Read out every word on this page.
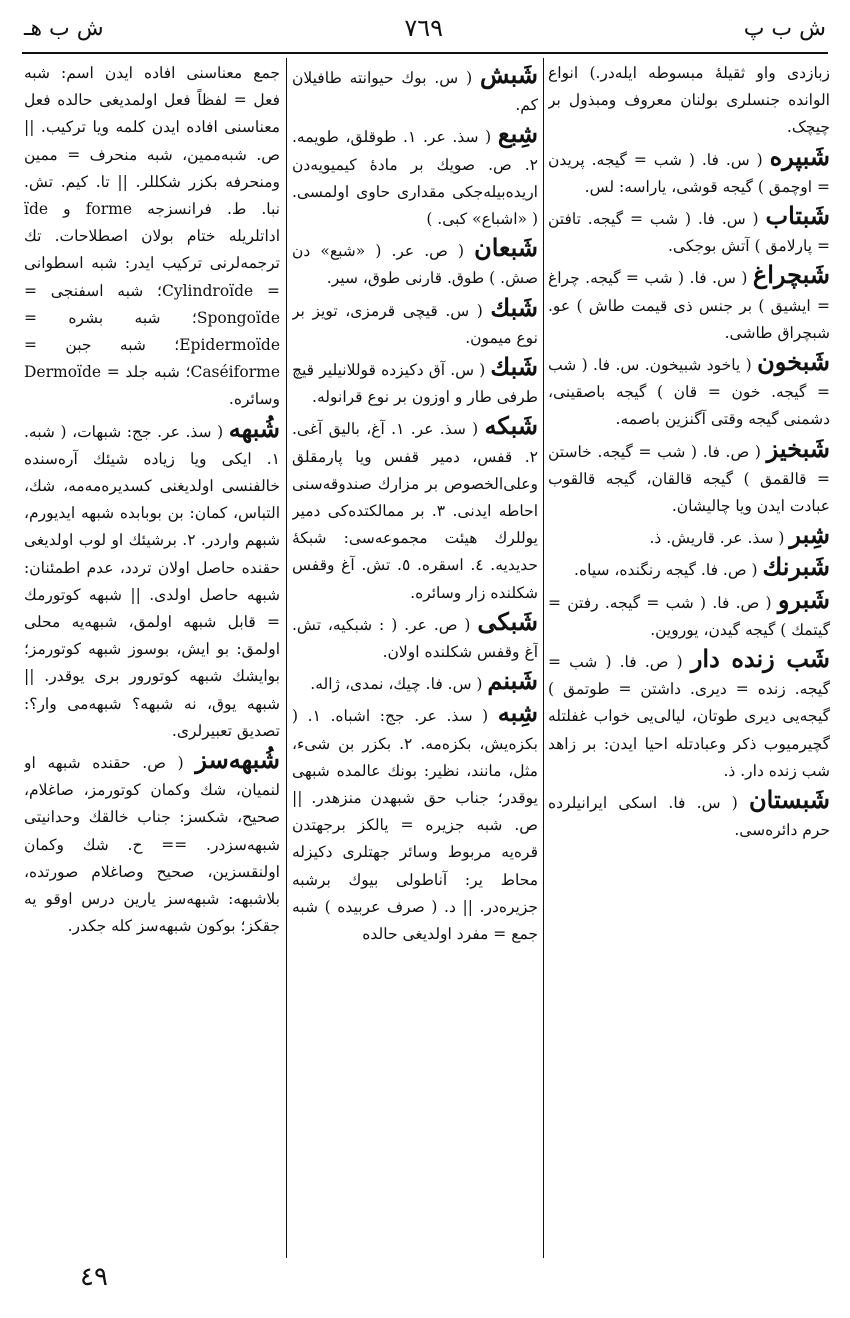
ش ب هـ	٧٦٩	ش ب پ

زبازدی واو ثقیلهٔ مبسوطه ایله‌در.) انواع الوانده جنسلری بولنان معروف ومبذول بر چیچک.

شَبپره ( س. فا. ( شب = گیجه. پریدن = اوچمق ) گیجه قوشی، یاراسه: لس.

شَبتاب ( س. فا. ( شب = گیجه. تافتن = پارلامق ) آتش بوجکی.

شَبچراغ ( س. فا. ( شب = گیجه. چراغ = ایشیق ) بر جنس ذی قیمت طاش ) عو. شبچراق طاشی.

شَبخون ( یاخود شبیخون. س. فا. ( شب = گیجه. خون = قان ) گیجه باصقینی، دشمنی گیجه وقتی آگنزین باصمه.

شَبخیز ( ص. فا. ( شب = گیجه. خاستن = قالقمق ) گیجه قالقان، گیجه قالقوب عبادت ایدن ویا چالیشان.

شِبر ( سذ. عر. قاریش. ذ.

شَبرنك ( ص. فا. گیجه رنگنده، سیاه.

شَبرو ( ص. فا. ( شب = گیجه. رفتن = گیتمك ) گیجه گیدن، یوروین.

شَب زنده دار ( ص. فا. ( شب = گیجه. زنده = دیری. داشتن = طوتمق ) گیجه‌یی دیری طوتان، لیالی‌یی خواب غفلتله گچیرمیوب ذکر وعبادتله احیا ایدن: بر زاهد شب زنده دار. ذ.

شَبستان ( س. فا. اسکی ایرانیلرده حرم دائره‌سی.

شَبش ( س. بوك حیوانته طافیلان کم.

شِبع ( سذ. عر. ۱. طوقلق، طویمه. ۲. ص. صویك بر مادهٔ کیمیویه‌دن اریده‌بیله‌جکی مقداری حاوی اولمسی. ( «اشباع» کبی. )

شَبعان ( ص. عر. ( «شبع» دن صش. ) طوق. قارنی طوق، سیر.

شَبك ( س. قیچی قرمزی، تویز بر نوع میمون.

شَبك ( س. آق دکیزده قوللانیلیر قیچ طرفی طار و اوزون بر نوع قرانوله.

شَبكه ( سذ. عر. ۱. آغ، بالیق آغی. ۲. قفس، دمیر قفس ویا پارمقلق وعلی‌الخصوص بر مزارك صندوقه‌سنی احاطه ایدنی. ۳. بر ممالکتده‌کی دمیر یوللرك هیئت مجموعه‌سی: شبکهٔ حدیدیه. ٤. اسقره. ٥. تش. آغ وقفس شکلنده زار وسائره.

شَبكی ( ص. عر. ( : شبکیه، تش. آغ وقفس شکلنده اولان.

شَبنم ( س. فا. چیك، نمدی، ژاله.

شِبه ( سذ. عر. جج: اشباه. ۱. ( بکزه‌یش، بکزه‌مه. ۲. بکزر بن شیء، مثل، مانند، نظیر: بونك عالمده شبهی یوقدر؛ جناب حق شبهدن منزهدر. || ص. شبه جزیره = یالکز برجهتدن قره‌یه مربوط وسائر جهتلری دکیزله محاط یر: آناطولی بیوك برشبه جزیره‌در. || د. ( صرف عربیده ) شبه جمع = مفرد اولدیغی حالده

جمع معناسنی افاده ایدن اسم: شبه فعل = لفظاً فعل اولمدیغی حالده فعل معناسنی افاده ایدن کلمه ویا ترکیب. || ص. شبه‌ممین، شبه منحرف = ممین ومنحرفه بکزر شکللر. || تا. کیم. تش. نبا. ط. فرانسزجه forme و ïde اداتلریله ختام بولان اصطلاحات. تك ترجمه‌لرنی ترکیب ایدر: شبه اسطوانی = Cylindroïde؛ شبه اسفنجی = Spongoïde؛ شبه بشره = Epidermoïde؛ شبه جبن = Caséiforme؛ شبه جلد = Dermoïde وسائره.

شُبهه ( سذ. عر. جج: شبهات، ( شبه. ۱. ایکی ویا زیاده شیئك آره‌سنده خالفنسی اولدیغنی کسدیره‌مه‌مه، شك، التباس، کمان: بن بوبابده شبهه ایدیورم، شبهم واردر. ۲. برشیئك او لوب اولدیغی حقنده حاصل اولان تردد، عدم اطمئنان: شبهه حاصل اولدی. || شبهه کوتورمك = قابل شبهه اولمق، شبهه‌یه محلی اولمق: بو ایش، بوسوز شبهه کوتورمز؛ بوایشك شبهه کوتورور بری یوقدر. || شبهه یوق، نه شبهه؟ شبهه‌می وار؟: تصدیق تعبیرلری.

شُبهه‌سز ( ص. حقنده شبهه او لنمیان، شك وکمان کوتورمز، صاغلام، صحیح، شکسز: جناب خالقك وحدانیتی شبهه‌سزدر. == ح. شك وکمان اولنقسزین، صحیح وصاغلام صورتده، بلاشبهه: شبهه‌سز یارین درس اوقو یه جقکز؛ بوکون شبهه‌سز کله جکدر.

٤٩
